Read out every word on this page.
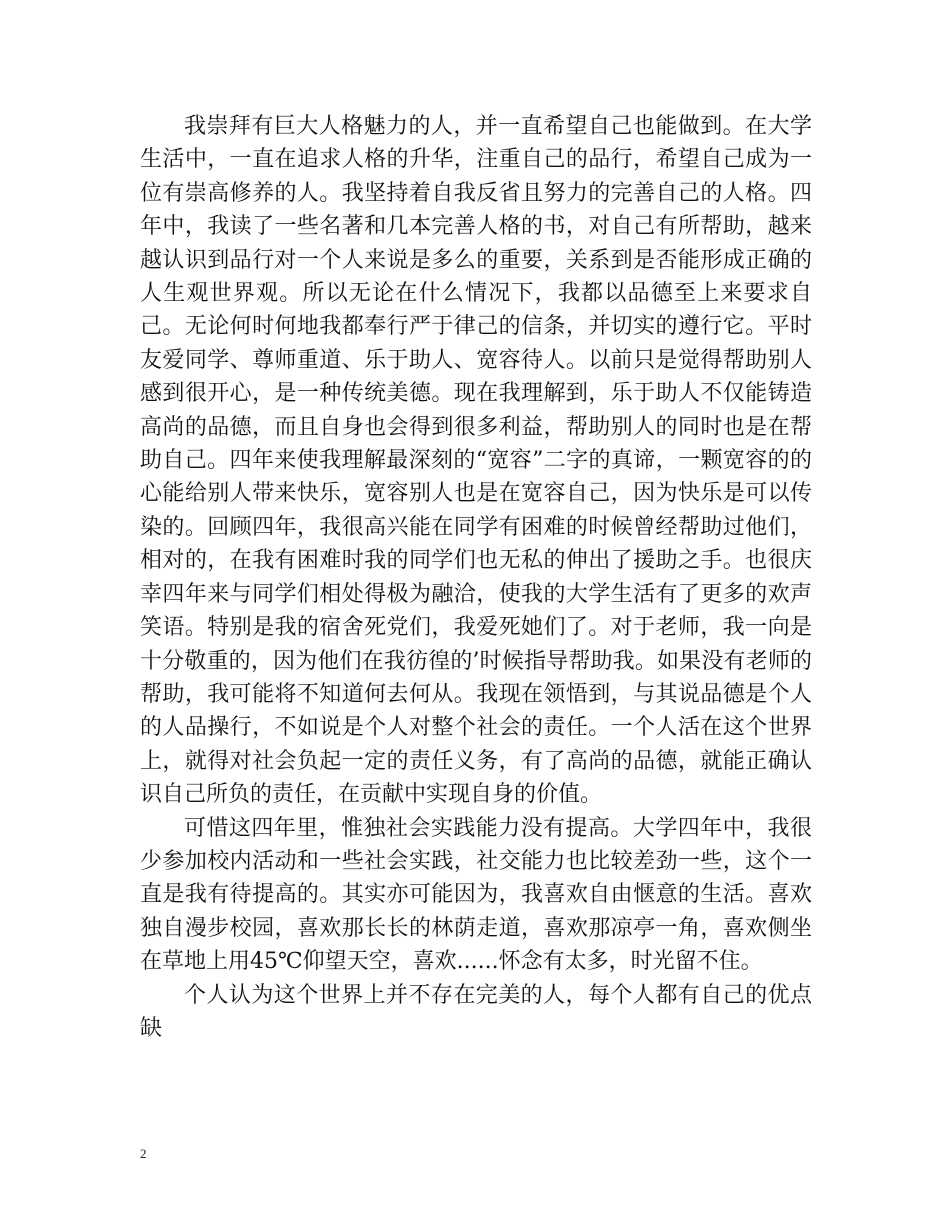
我崇拜有巨大人格魅力的人，并一直希望自己也能做到。在大学生活中，一直在追求人格的升华，注重自己的品行，希望自己成为一位有崇高修养的人。我坚持着自我反省且努力的完善自己的人格。四年中，我读了一些名著和几本完善人格的书，对自己有所帮助，越来越认识到品行对一个人来说是多么的重要，关系到是否能形成正确的人生观世界观。所以无论在什么情况下，我都以品德至上来要求自己。无论何时何地我都奉行严于律己的信条，并切实的遵行它。平时友爱同学、尊师重道、乐于助人、宽容待人。以前只是觉得帮助别人感到很开心，是一种传统美德。现在我理解到，乐于助人不仅能铸造高尚的品德，而且自身也会得到很多利益，帮助别人的同时也是在帮助自己。四年来使我理解最深刻的“宽容”二字的真谛，一颗宽容的的心能给别人带来快乐，宽容别人也是在宽容自己，因为快乐是可以传染的。回顾四年，我很高兴能在同学有困难的时候曾经帮助过他们，相对的，在我有困难时我的同学们也无私的伸出了援助之手。也很庆幸四年来与同学们相处得极为融洽，使我的大学生活有了更多的欢声笑语。特别是我的宿舍死党们，我爱死她们了。对于老师，我一向是十分敬重的，因为他们在我彷徨的’时候指导帮助我。如果没有老师的帮助，我可能将不知道何去何从。我现在领悟到，与其说品德是个人的人品操行，不如说是个人对整个社会的责任。一个人活在这个世界上，就得对社会负起一定的责任义务，有了高尚的品德，就能正确认识自己所负的责任，在贡献中实现自身的价值。

可惜这四年里，惟独社会实践能力没有提高。大学四年中，我很少参加校内活动和一些社会实践，社交能力也比较差劲一些，这个一直是我有待提高的。其实亦可能因为，我喜欢自由惬意的生活。喜欢独自漫步校园，喜欢那长长的林荫走道，喜欢那凉亭一角，喜欢侧坐在草地上用45℃仰望天空，喜欢......怀念有太多，时光留不住。

个人认为这个世界上并不存在完美的人，每个人都有自己的优点缺

2
